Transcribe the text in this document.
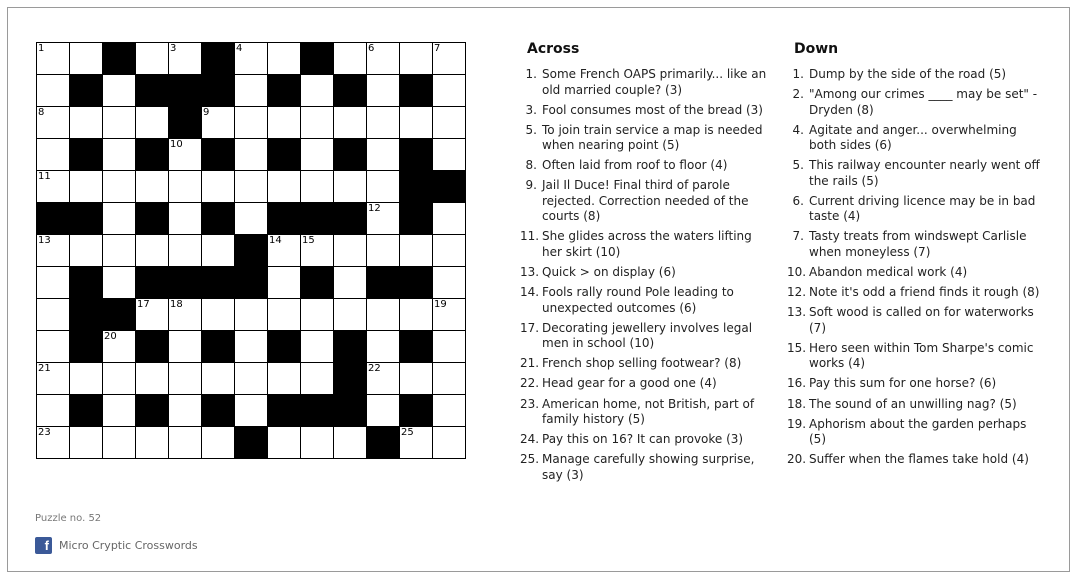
1	3	4	6	7
8	9
10
11
12
13	14 15
17 18	19
20
21	22
23	25
Across
1. Some French OAPS primarily... like an old married couple? (3)
3. Fool consumes most of the bread (3)
5. To join train service a map is needed when nearing point (5)
8. Often laid from roof to floor (4)
9. Jail Il Duce! Final third of parole rejected. Correction needed of the courts (8)
11. She glides across the waters lifting her skirt (10)
13. Quick > on display (6)
14. Fools rally round Pole leading to unexpected outcomes (6)
17. Decorating jewellery involves legal men in school (10)
21. French shop selling footwear? (8)
22. Head gear for a good one (4)
23. American home, not British, part of family history (5)
24. Pay this on 16? It can provoke (3)
25. Manage carefully showing surprise, say (3)
Down
1. Dump by the side of the road (5)
2. "Among our crimes ____ may be set" - Dryden (8)
4. Agitate and anger... overwhelming both sides (6)
5. This railway encounter nearly went off the rails (5)
6. Current driving licence may be in bad taste (4)
7. Tasty treats from windswept Carlisle when moneyless (7)
10. Abandon medical work (4)
12. Note it's odd a friend finds it rough (8)
13. Soft wood is called on for waterworks (7)
15. Hero seen within Tom Sharpe's comic works (4)
16. Pay this sum for one horse? (6)
18. The sound of an unwilling nag? (5)
19. Aphorism about the garden perhaps (5)
20. Suffer when the flames take hold (4)
Puzzle no. 52
f Micro Cryptic Crosswords
